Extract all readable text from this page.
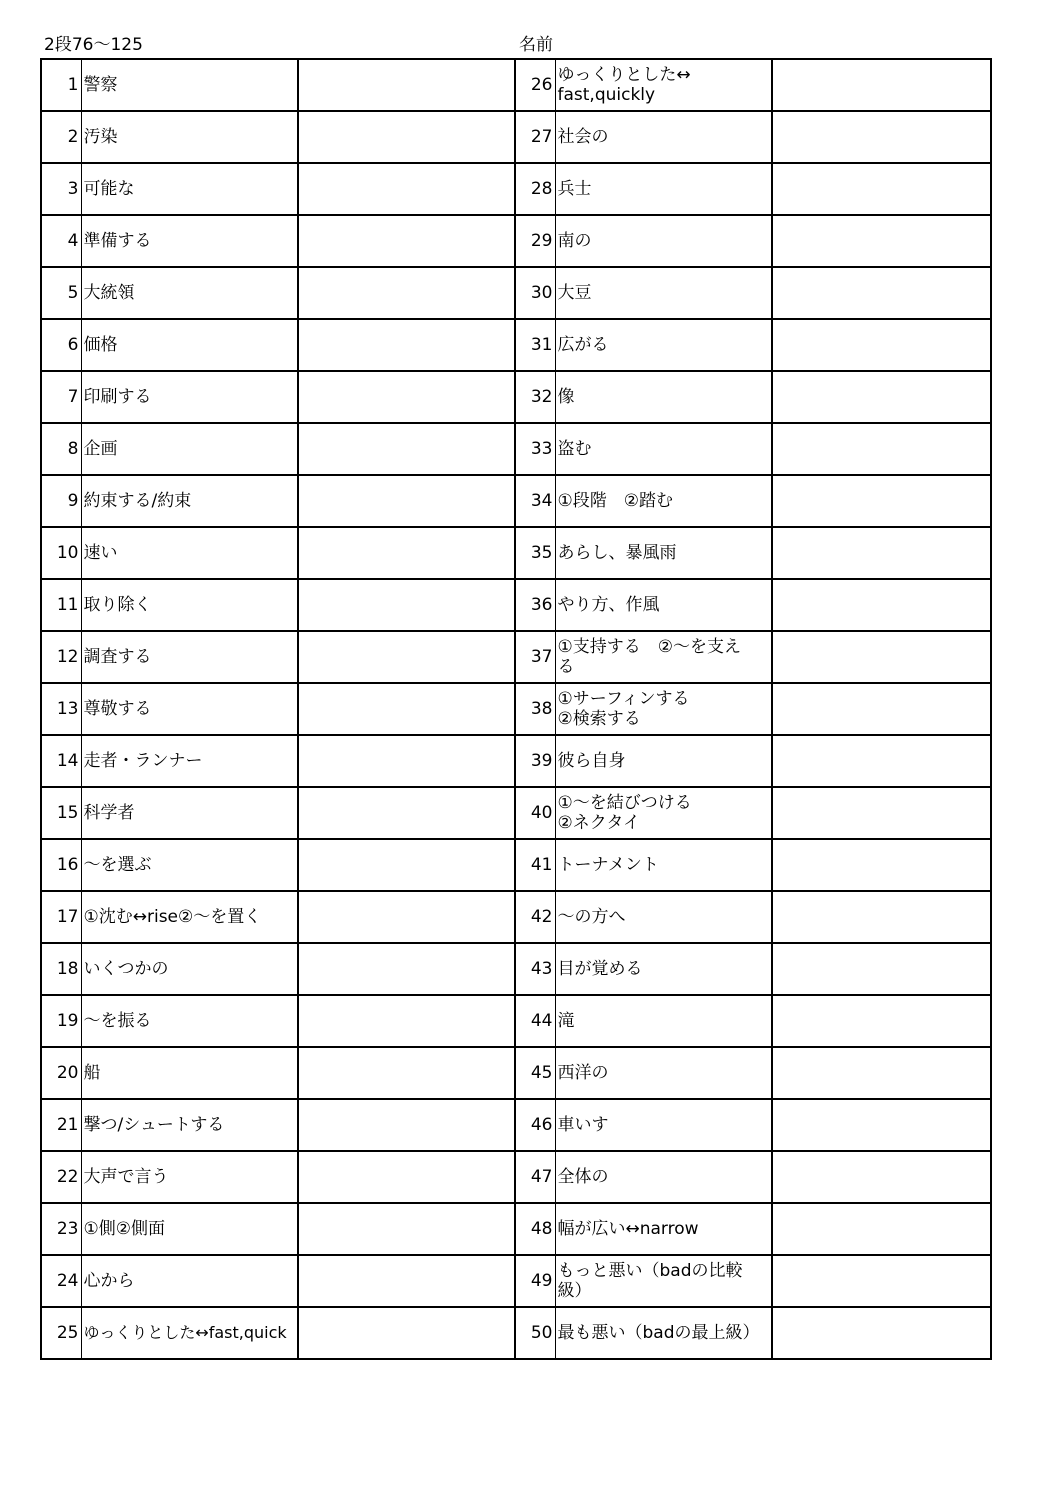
2段76～125	名前
1	警察		26	ゆっくりとした↔
fast,quickly	

2	汚染		27	社会の	

3	可能な		28	兵士	

4	準備する		29	南の	

5	大統領		30	大豆	

6	価格		31	広がる	

7	印刷する		32	像	

8	企画		33	盗む	

9	約束する/約束		34	①段階　②踏む	

10	速い		35	あらし、暴風雨	

11	取り除く		36	やり方、作風	

12	調査する		37	①支持する　②～を支え
る	

13	尊敬する		38	①サーフィンする
②検索する	

14	走者・ランナー		39	彼ら自身	

15	科学者		40	①～を結びつける
②ネクタイ	

16	～を選ぶ		41	トーナメント	

17	①沈む↔rise②～を置く		42	～の方へ	

18	いくつかの		43	目が覚める	

19	～を振る		44	滝	

20	船		45	西洋の	

21	撃つ/シュートする		46	車いす	

22	大声で言う		47	全体の	

23	①側②側面		48	幅が広い↔narrow	

24	心から		49	もっと悪い（badの比較
級）	

25	ゆっくりとした↔fast,quick		50	最も悪い（badの最上級）	
